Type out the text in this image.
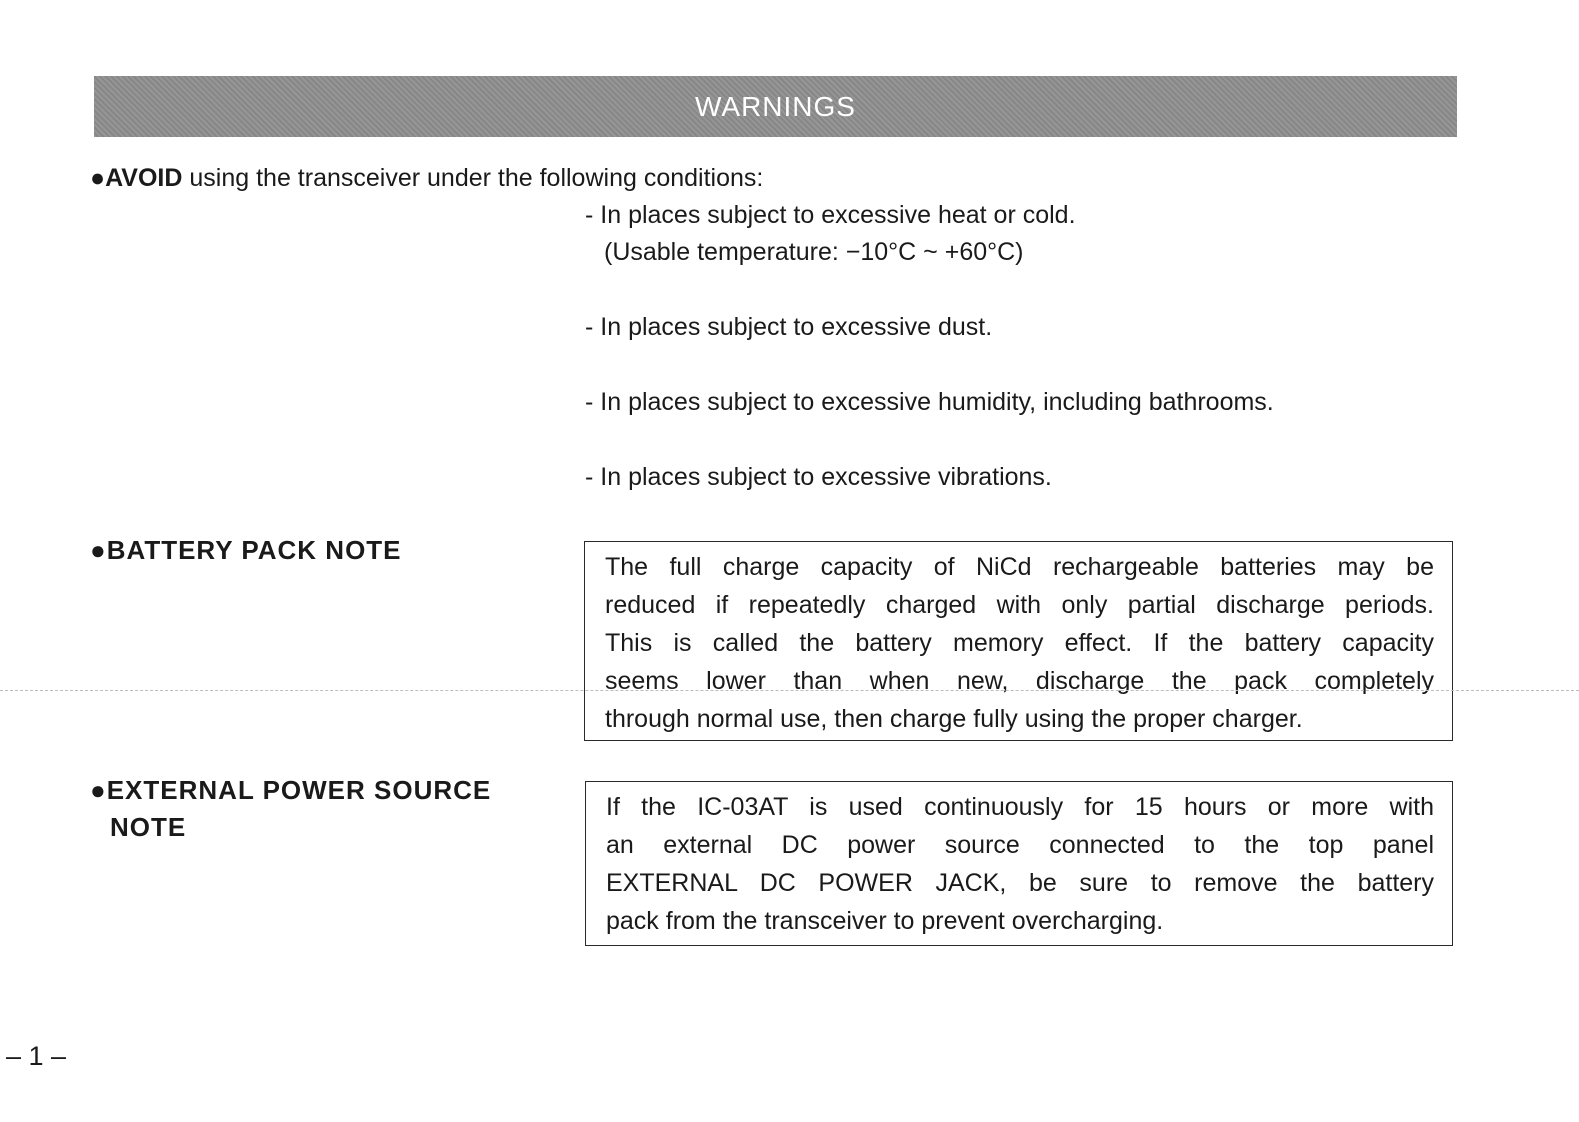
WARNINGS
●AVOID using the transceiver under the following conditions:
- In places subject to excessive heat or cold.
(Usable temperature: −10°C ~ +60°C)
- In places subject to excessive dust.
- In places subject to excessive humidity, including bathrooms.
- In places subject to excessive vibrations.
●BATTERY PACK NOTE
The full charge capacity of NiCd rechargeable batteries may be
reduced if repeatedly charged with only partial discharge periods.
This is called the battery memory effect. If the battery capacity
seems lower than when new, discharge the pack completely
through normal use, then charge fully using the proper charger.
●EXTERNAL POWER SOURCE
NOTE
If the IC-03AT is used continuously for 15 hours or more with
an external DC power source connected to the top panel
EXTERNAL DC POWER JACK, be sure to remove the battery
pack from the transceiver to prevent overcharging.
– 1 –
